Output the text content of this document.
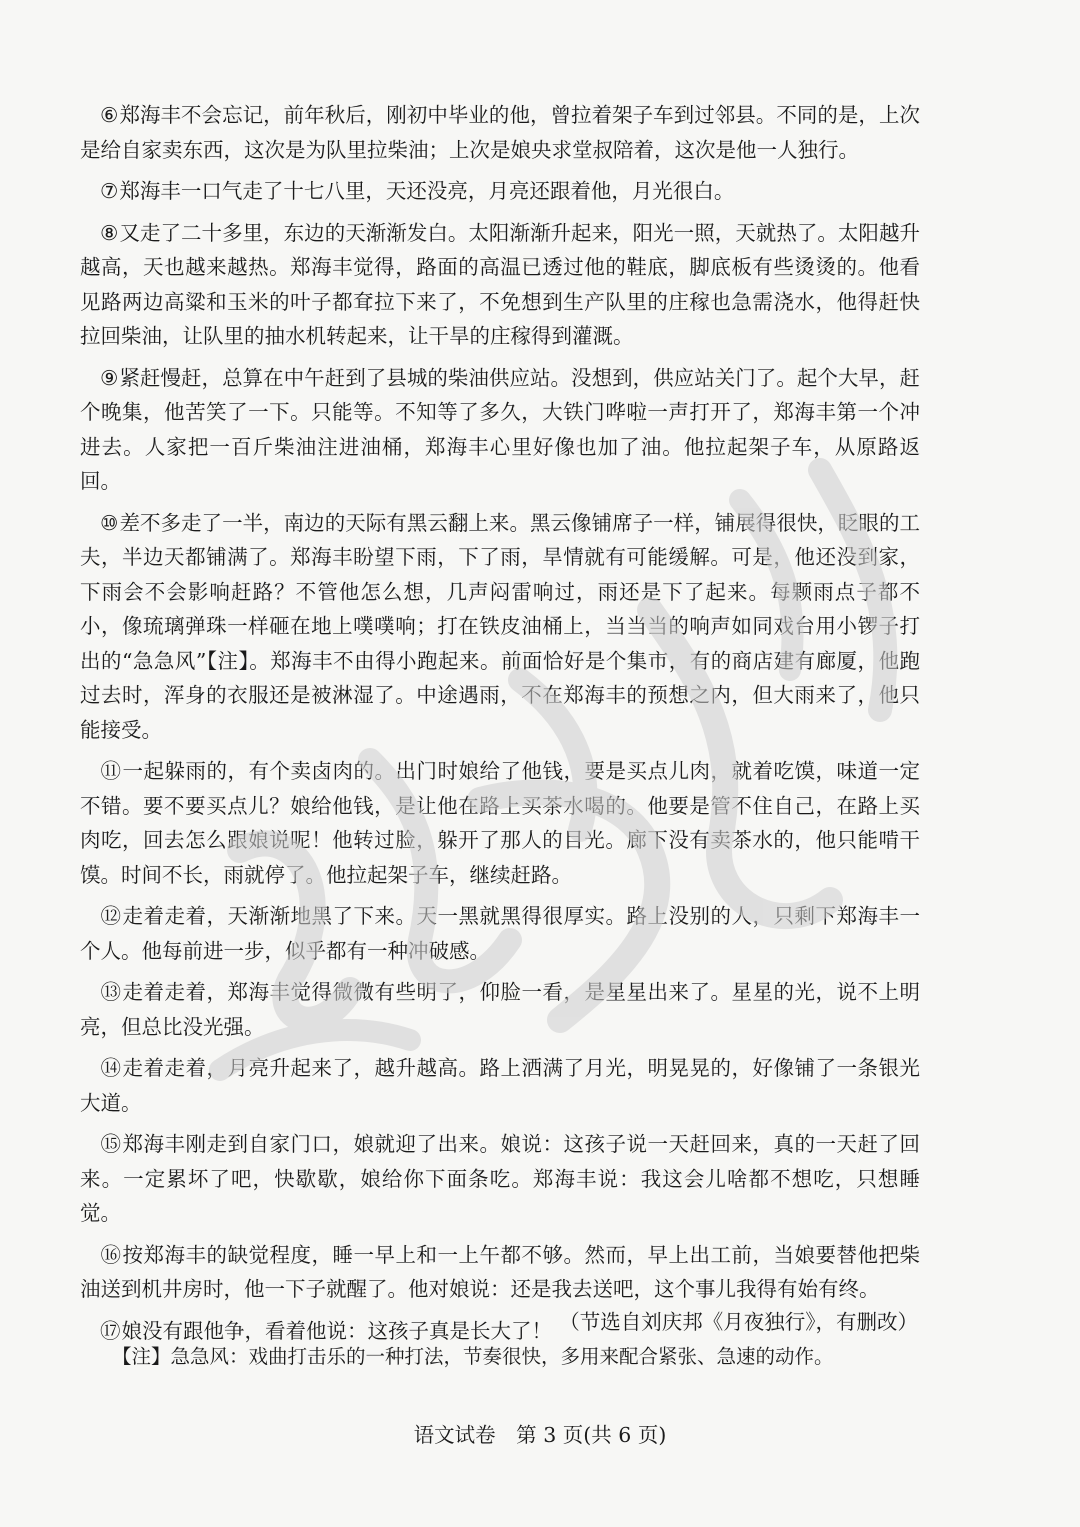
⑥郑海丰不会忘记，前年秋后，刚初中毕业的他，曾拉着架子车到过邻县。不同的是，上次是给自家卖东西，这次是为队里拉柴油；上次是娘央求堂叔陪着，这次是他一人独行。

⑦郑海丰一口气走了十七八里，天还没亮，月亮还跟着他，月光很白。

⑧又走了二十多里，东边的天渐渐发白。太阳渐渐升起来，阳光一照，天就热了。太阳越升越高，天也越来越热。郑海丰觉得，路面的高温已透过他的鞋底，脚底板有些烫烫的。他看见路两边高粱和玉米的叶子都耷拉下来了，不免想到生产队里的庄稼也急需浇水，他得赶快拉回柴油，让队里的抽水机转起来，让干旱的庄稼得到灌溉。

⑨紧赶慢赶，总算在中午赶到了县城的柴油供应站。没想到，供应站关门了。起个大早，赶个晚集，他苦笑了一下。只能等。不知等了多久，大铁门哗啦一声打开了，郑海丰第一个冲进去。人家把一百斤柴油注进油桶，郑海丰心里好像也加了油。他拉起架子车，从原路返回。

⑩差不多走了一半，南边的天际有黑云翻上来。黑云像铺席子一样，铺展得很快，眨眼的工夫，半边天都铺满了。郑海丰盼望下雨，下了雨，旱情就有可能缓解。可是，他还没到家，下雨会不会影响赶路？不管他怎么想，几声闷雷响过，雨还是下了起来。每颗雨点子都不小，像琉璃弹珠一样砸在地上噗噗响；打在铁皮油桶上，当当当的响声如同戏台用小锣子打出的“急急风”【注】。郑海丰不由得小跑起来。前面恰好是个集市，有的商店建有廊厦，他跑过去时，浑身的衣服还是被淋湿了。中途遇雨，不在郑海丰的预想之内，但大雨来了，他只能接受。

⑪一起躲雨的，有个卖卤肉的。出门时娘给了他钱，要是买点儿肉，就着吃馍，味道一定不错。要不要买点儿？娘给他钱，是让他在路上买茶水喝的。他要是管不住自己，在路上买肉吃，回去怎么跟娘说呢！他转过脸，躲开了那人的目光。廊下没有卖茶水的，他只能啃干馍。时间不长，雨就停了。他拉起架子车，继续赶路。

⑫走着走着，天渐渐地黑了下来。天一黑就黑得很厚实。路上没别的人，只剩下郑海丰一个人。他每前进一步，似乎都有一种冲破感。

⑬走着走着，郑海丰觉得微微有些明了，仰脸一看，是星星出来了。星星的光，说不上明亮，但总比没光强。

⑭走着走着，月亮升起来了，越升越高。路上洒满了月光，明晃晃的，好像铺了一条银光大道。

⑮郑海丰刚走到自家门口，娘就迎了出来。娘说：这孩子说一天赶回来，真的一天赶了回来。一定累坏了吧，快歇歇，娘给你下面条吃。郑海丰说：我这会儿啥都不想吃，只想睡觉。

⑯按郑海丰的缺觉程度，睡一早上和一上午都不够。然而，早上出工前，当娘要替他把柴油送到机井房时，他一下子就醒了。他对娘说：还是我去送吧，这个事儿我得有始有终。

⑰娘没有跟他争，看着他说：这孩子真是长大了！ （节选自刘庆邦《月夜独行》，有删改）
【注】急急风：戏曲打击乐的一种打法，节奏很快，多用来配合紧张、急速的动作。
语文试卷　第 3 页(共 6 页)
